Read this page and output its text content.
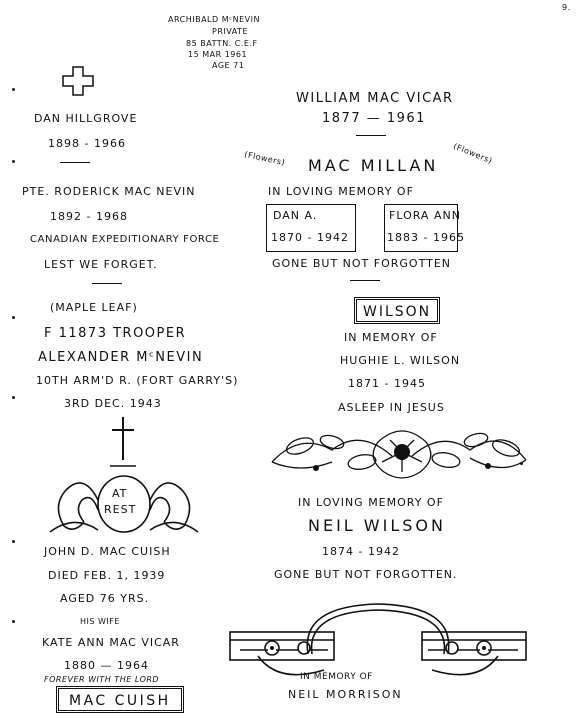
9.
ARCHIBALD MᶜNEVIN
PRIVATE
85 BATTN. C.E.F
15 MAR 1961
AGE 71
DAN HILLGROVE
1898 - 1966
WILLIAM MAC VICAR
1877 — 1961
(Flowers) MAC MILLAN
(Flowers)
IN LOVING MEMORY OF
DAN A.
1870 - 1942
FLORA ANN
1883 - 1965
GONE BUT NOT FORGOTTEN
PTE. RODERICK MAC NEVIN
1892 - 1968
CANADIAN EXPEDITIONARY FORCE
LEST WE FORGET.
(MAPLE LEAF)
F 11873 TROOPER
ALEXANDER MᶜNEVIN
10TH ARM'D R. (FORT GARRY'S)
3RD DEC. 1943
WILSON
IN MEMORY OF
HUGHIE L. WILSON
1871 - 1945
ASLEEP IN JESUS
IN LOVING MEMORY OF
NEIL WILSON
1874 - 1942
GONE BUT NOT FORGOTTEN.
AT
REST
JOHN D. MAC CUISH
DIED FEB. 1, 1939
AGED 76 YRS.
HIS WIFE
KATE ANN MAC VICAR
1880 — 1964
FOREVER WITH THE LORD
MAC CUISH
IN MEMORY OF
NEIL MORRISON
